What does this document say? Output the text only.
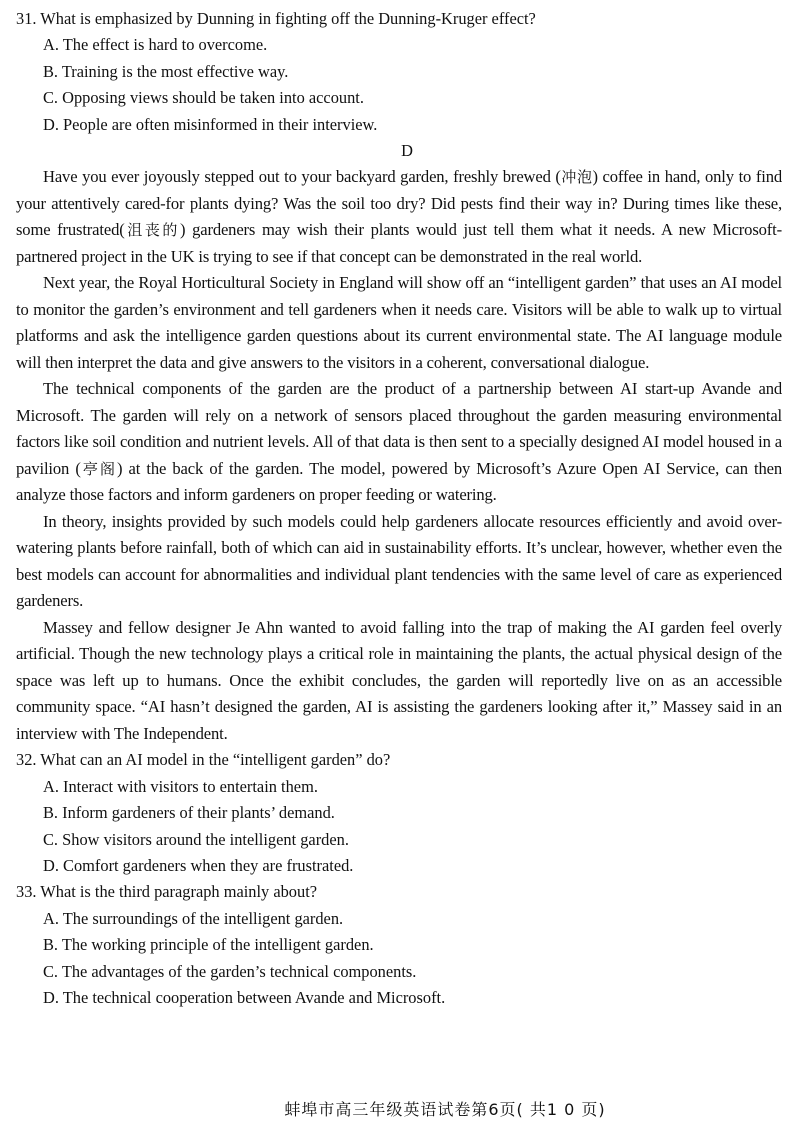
31. What is emphasized by Dunning in fighting off the Dunning-Kruger effect?
A. The effect is hard to overcome.
B. Training is the most effective way.
C. Opposing views should be taken into account.
D. People are often misinformed in their interview.
D

Have you ever joyously stepped out to your backyard garden, freshly brewed (冲泡) coffee in hand, only to find your attentively cared-for plants dying? Was the soil too dry? Did pests find their way in? During times like these, some frustrated(沮丧的) gardeners may wish their plants would just tell them what it needs. A new Microsoft-partnered project in the UK is trying to see if that concept can be demonstrated in the real world.

Next year, the Royal Horticultural Society in England will show off an “intelligent garden” that uses an AI model to monitor the garden’s environment and tell gardeners when it needs care. Visitors will be able to walk up to virtual platforms and ask the intelligence garden questions about its current environmental state. The AI language module will then interpret the data and give answers to the visitors in a coherent, conversational dialogue.

The technical components of the garden are the product of a partnership between AI start-up Avande and Microsoft. The garden will rely on a network of sensors placed throughout the garden measuring environmental factors like soil condition and nutrient levels. All of that data is then sent to a specially designed AI model housed in a pavilion (亭阁) at the back of the garden. The model, powered by Microsoft’s Azure Open AI Service, can then analyze those factors and inform gardeners on proper feeding or watering.

In theory, insights provided by such models could help gardeners allocate resources efficiently and avoid over-watering plants before rainfall, both of which can aid in sustainability efforts. It’s unclear, however, whether even the best models can account for abnormalities and individual plant tendencies with the same level of care as experienced gardeners.

Massey and fellow designer Je Ahn wanted to avoid falling into the trap of making the AI garden feel overly artificial. Though the new technology plays a critical role in maintaining the plants, the actual physical design of the space was left up to humans. Once the exhibit concludes, the garden will reportedly live on as an accessible community space. “AI hasn’t designed the garden, AI is assisting the gardeners looking after it,” Massey said in an interview with The Independent.

32. What can an AI model in the “intelligent garden” do?
A. Interact with visitors to entertain them.
B. Inform gardeners of their plants’ demand.
C. Show visitors around the intelligent garden.
D. Comfort gardeners when they are frustrated.
33. What is the third paragraph mainly about?
A. The surroundings of the intelligent garden.
B. The working principle of the intelligent garden.
C. The advantages of the garden’s technical components.
D. The technical cooperation between Avande and Microsoft.
蚌埠市高三年级英语试卷第6页( 共1 0 页)
